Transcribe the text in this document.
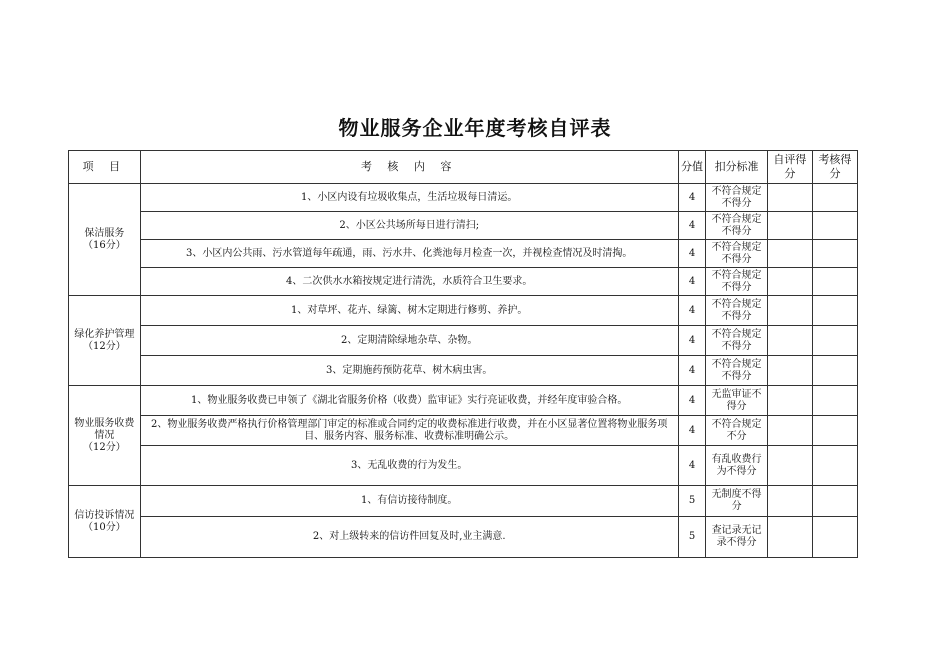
物业服务企业年度考核自评表
项 目	考 核 内 容	分值	扣分标准	自评得分	考核得分

保洁服务
（16分）	1、小区内设有垃圾收集点，生活垃圾每日清运。	4	不符合规定不得分		
	2、小区公共场所每日进行清扫;	4	不符合规定不得分		
	3、小区内公共雨、污水管道每年疏通，雨、污水井、化粪池每月检查一次，并视检查情况及时清掏。	4	不符合规定不得分		
	4、二次供水水箱按规定进行清洗，水质符合卫生要求。	4	不符合规定不得分		

绿化养护管理
（12分）	1、对草坪、花卉、绿篱、树木定期进行修剪、养护。	4	不符合规定不得分		
	2、定期清除绿地杂草、杂物。	4	不符合规定不得分		
	3、定期施药预防花草、树木病虫害。	4	不符合规定不得分		

物业服务收费情况
（12分）	1、物业服务收费已申领了《湖北省服务价格（收费）监审证》实行亮证收费，并经年度审验合格。	4	无监审证不得分		
	2、物业服务收费严格执行价格管理部门审定的标准或合同约定的收费标准进行收费，并在小区显著位置将物业服务项目、服务内容、服务标准、收费标准明确公示。	4	不符合规定不分		
	3、无乱收费的行为发生。	4	有乱收费行为不得分		

信访投诉情况
（10分）	1、有信访接待制度。	5	无制度不得分		
	2、对上级转来的信访件回复及时,业主满意.	5	查记录无记录不得分		
